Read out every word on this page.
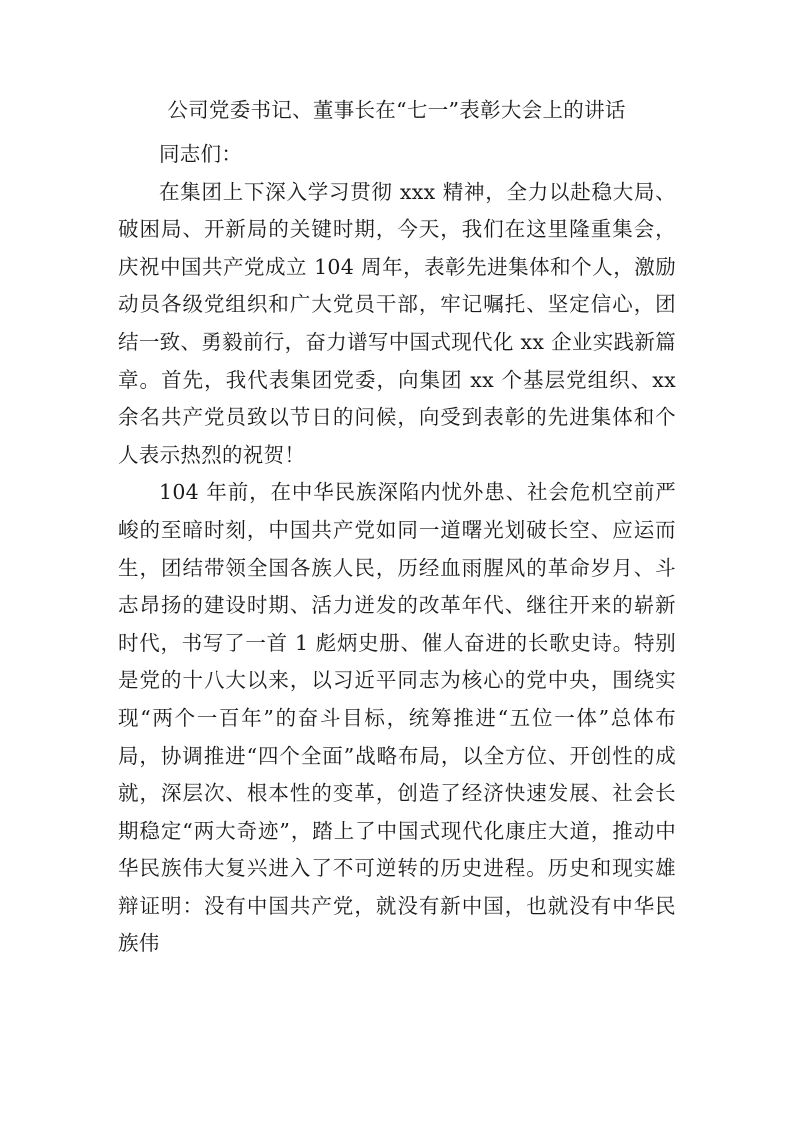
公司党委书记、董事长在“七一”表彰大会上的讲话

同志们：

在集团上下深入学习贯彻 xxx 精神，全力以赴稳大局、破困局、开新局的关键时期，今天，我们在这里隆重集会，庆祝中国共产党成立 104 周年，表彰先进集体和个人，激励动员各级党组织和广大党员干部，牢记嘱托、坚定信心，团结一致、勇毅前行，奋力谱写中国式现代化 xx 企业实践新篇章。首先，我代表集团党委，向集团 xx 个基层党组织、xx 余名共产党员致以节日的问候，向受到表彰的先进集体和个人表示热烈的祝贺！

104 年前，在中华民族深陷内忧外患、社会危机空前严峻的至暗时刻，中国共产党如同一道曙光划破长空、应运而生，团结带领全国各族人民，历经血雨腥风的革命岁月、斗志昂扬的建设时期、活力迸发的改革年代、继往开来的崭新时代，书写了一首 1 彪炳史册、催人奋进的长歌史诗。特别是党的十八大以来，以习近平同志为核心的党中央，围绕实现“两个一百年”的奋斗目标，统筹推进“五位一体”总体布局，协调推进“四个全面”战略布局，以全方位、开创性的成就，深层次、根本性的变革，创造了经济快速发展、社会长期稳定“两大奇迹”，踏上了中国式现代化康庄大道，推动中华民族伟大复兴进入了不可逆转的历史进程。历史和现实雄辩证明：没有中国共产党，就没有新中国，也就没有中华民族伟
